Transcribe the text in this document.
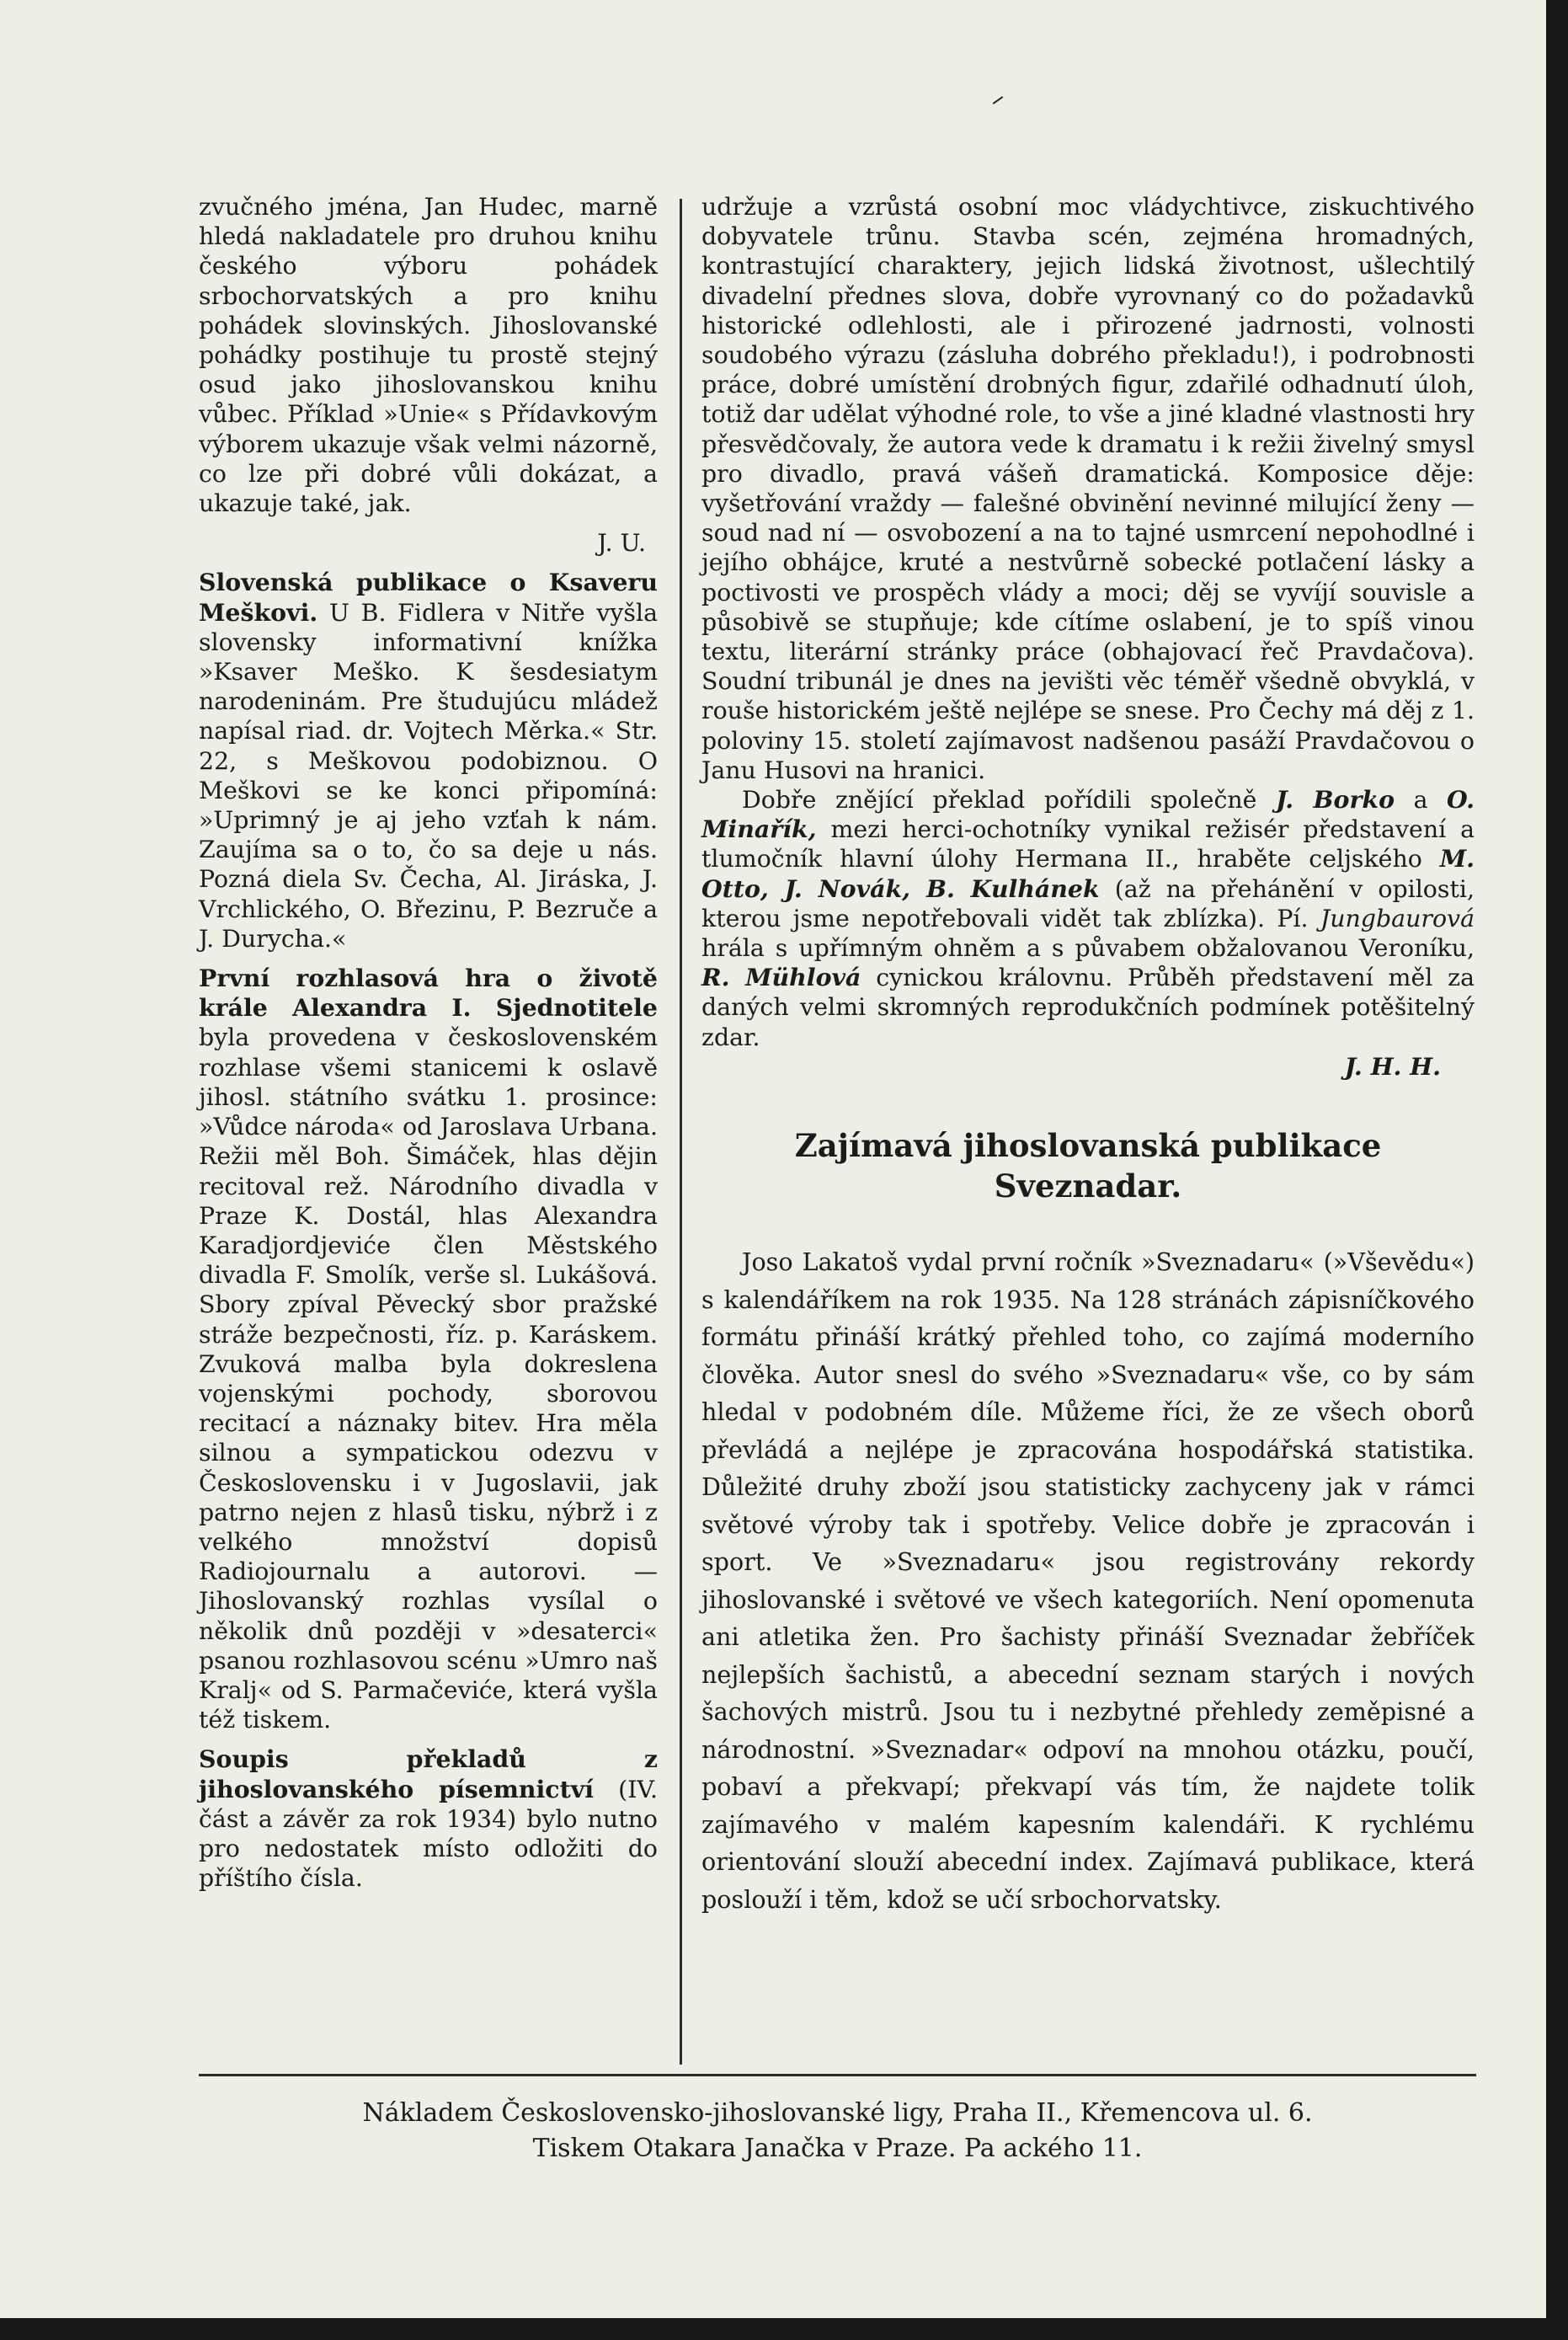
zvučného jména, Jan Hudec, marně hledá nakladatele pro druhou knihu českého výboru pohádek srbochorvatských a pro knihu pohádek slovinských. Jihoslovanské pohádky postihuje tu prostě stejný osud jako jihoslovanskou knihu vůbec. Příklad »Unie« s Přídavkovým výborem ukazuje však velmi názorně, co lze při dobré vůli dokázat, a ukazuje také, jak.

J. U.

Slovenská publikace o Ksaveru Meškovi. U B. Fidlera v Nitře vyšla slovensky informativní knížka »Ksaver Meško. K šesdesiatym narodeninám. Pre študujúcu mládež napísal riad. dr. Vojtech Měrka.« Str. 22, s Meškovou podobiznou. O Meškovi se ke konci připomíná: »Uprimný je aj jeho vzťah k nám. Zaujíma sa o to, čo sa deje u nás. Pozná diela Sv. Čecha, Al. Jiráska, J. Vrchlického, O. Březinu, P. Bezruče a J. Durycha.«

První rozhlasová hra o životě krále Alexandra I. Sjednotitele byla provedena v československém rozhlase všemi stanicemi k oslavě jihosl. státního svátku 1. prosince: »Vůdce národa« od Jaroslava Urbana. Režii měl Boh. Šimáček, hlas dějin recitoval rež. Národního divadla v Praze K. Dostál, hlas Alexandra Karadjordjeviće člen Městského divadla F. Smolík, verše sl. Lukášová. Sbory zpíval Pěvecký sbor pražské stráže bezpečnosti, říz. p. Karáskem. Zvuková malba byla dokreslena vojenskými pochody, sborovou recitací a náznaky bitev. Hra měla silnou a sympatickou odezvu v Československu i v Jugoslavii, jak patrno nejen z hlasů tisku, nýbrž i z velkého množství dopisů Radiojournalu a autorovi. — Jihoslovanský rozhlas vysílal o několik dnů později v »desaterci« psanou rozhlasovou scénu »Umro naš Kralj« od S. Parmačeviće, která vyšla též tiskem.

Soupis překladů z jihoslovanského písemnictví (IV. část a závěr za rok 1934) bylo nutno pro nedostatek místo odložiti do příštího čísla.

udržuje a vzrůstá osobní moc vládychtivce, ziskuchtivého dobyvatele trůnu. Stavba scén, zejména hromadných, kontrastující charaktery, jejich lidská životnost, ušlechtilý divadelní přednes slova, dobře vyrovnaný co do požadavků historické odlehlosti, ale i přirozené jadrnosti, volnosti soudobého výrazu (zásluha dobrého překladu!), i podrobnosti práce, dobré umístění drobných figur, zdařilé odhadnutí úloh, totiž dar udělat výhodné role, to vše a jiné kladné vlastnosti hry přesvědčovaly, že autora vede k dramatu i k režii živelný smysl pro divadlo, pravá vášeň dramatická. Komposice děje: vyšetřování vraždy — falešné obvinění nevinné milující ženy — soud nad ní — osvobození a na to tajné usmrcení nepohodlné i jejího obhájce, kruté a nestvůrně sobecké potlačení lásky a poctivosti ve prospěch vlády a moci; děj se vyvíjí souvisle a působivě se stupňuje; kde cítíme oslabení, je to spíš vinou textu, literární stránky práce (obhajovací řeč Pravdačova). Soudní tribunál je dnes na jevišti věc téměř všedně obvyklá, v rouše historickém ještě nejlépe se snese. Pro Čechy má děj z 1. poloviny 15. století zajímavost nadšenou pasáží Pravdačovou o Janu Husovi na hranici.

Dobře znějící překlad pořídili společně J. Borko a O. Minařík, mezi herci-ochotníky vynikal režisér představení a tlumočník hlavní úlohy Hermana II., hraběte celjského M. Otto, J. Novák, B. Kulhánek (až na přehánění v opilosti, kterou jsme nepotřebovali vidět tak zblízka). Pí. Jungbaurová hrála s upřímným ohněm a s půvabem obžalovanou Veroníku, R. Mühlová cynickou královnu. Průběh představení měl za daných velmi skromných reprodukčních podmínek potěšitelný zdar.

J. H. H.

Zajímavá jihoslovanská publikace
Sveznadar.

Joso Lakatoš vydal první ročník »Sveznadaru« (»Vševědu«) s kalendáříkem na rok 1935. Na 128 stránách zápisníčkového formátu přináší krátký přehled toho, co zajímá moderního člověka. Autor snesl do svého »Sveznadaru« vše, co by sám hledal v podobném díle. Můžeme říci, že ze všech oborů převládá a nejlépe je zpracována hospodářská statistika. Důležité druhy zboží jsou statisticky zachyceny jak v rámci světové výroby tak i spotřeby. Velice dobře je zpracován i sport. Ve »Sveznadaru« jsou registrovány rekordy jihoslovanské i světové ve všech kategoriích. Není opomenuta ani atletika žen. Pro šachisty přináší Sveznadar žebříček nejlepších šachistů, a abecední seznam starých i nových šachových mistrů. Jsou tu i nezbytné přehledy zeměpisné a národnostní. »Sveznadar« odpoví na mnohou otázku, poučí, pobaví a překvapí; překvapí vás tím, že najdete tolik zajímavého v malém kapesním kalendáři. K rychlému orientování slouží abecední index. Zajímavá publikace, která poslouží i těm, kdož se učí srbochorvatsky.

Nákladem Československo-jihoslovanské ligy, Praha II., Křemencova ul. 6.
Tiskem Otakara Janačka v Praze. Pa ackého 11.
